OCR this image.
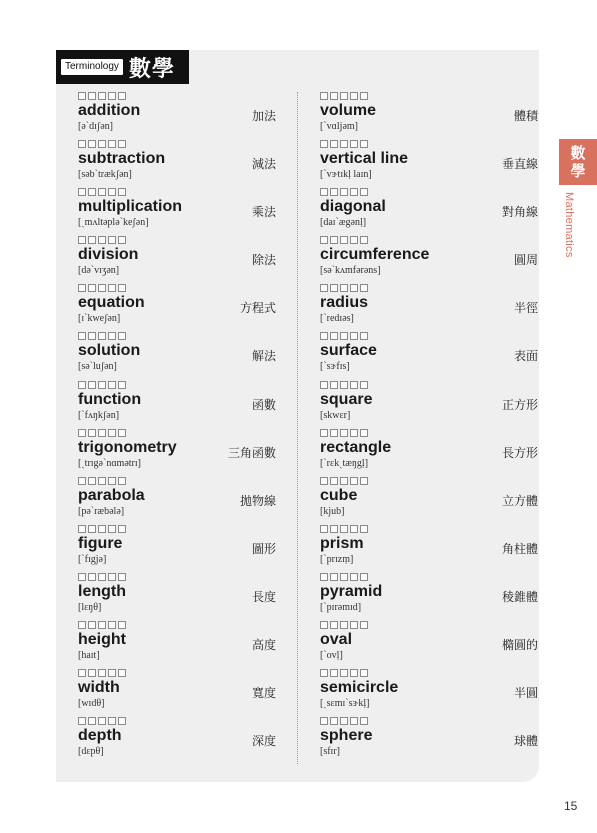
Terminology 數學
addition
[əˋdɪʃən]
加法
subtraction
[səbˋtrækʃən]
減法
multiplication
[ˏmʌltəpləˋkeʃən]
乘法
division
[dəˋvɪʒən]
除法
equation
[ɪˋkweʃən]
方程式
solution
[səˋluʃən]
解法
function
[ˋfʌŋkʃən]
函數
trigonometry
[ˏtrɪgəˋnɑmətrɪ]
三角函數
parabola
[pəˋræbələ]
拋物線
figure
[ˋfɪgjə]
圖形
length
[lɛŋθ]
長度
height
[haɪt]
高度
width
[wɪdθ]
寬度
depth
[dɛpθ]
深度
volume
[ˋvɑljəm]
體積
vertical line
[ˋvɝtɪkḷ laɪn]
垂直線
diagonal
[daɪˋægənḷ]
對角線
circumference
[səˋkʌmfərəns]
圓周
radius
[ˋredɪəs]
半徑
surface
[ˋsɝfɪs]
表面
square
[skwɛr]
正方形
rectangle
[ˋrɛkˏtæŋgḷ]
長方形
cube
[kjub]
立方體
prism
[ˋprɪzṃ]
角柱體
pyramid
[ˋpɪrəmɪd]
稜錐體
oval
[ˋovḷ]
橢圓的
semicircle
[ˏsɛmɪˋsɝkḷ]
半圓
sphere
[sfɪr]
球體
數
學
Mathematics
15
